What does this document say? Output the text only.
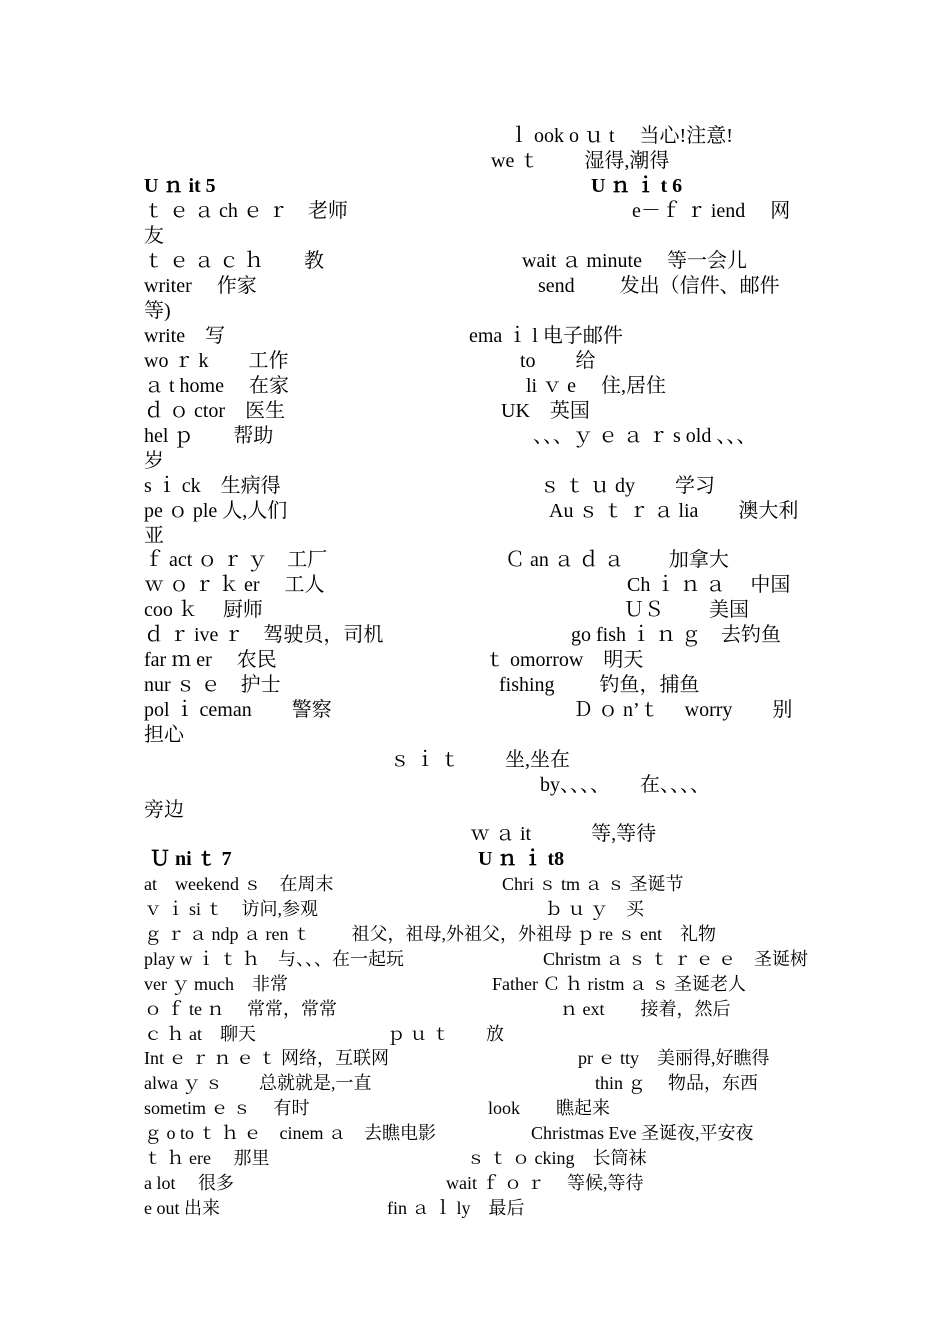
ｌ ook o ｕ t　 当心!注意!
we ｔ　　 湿得,潮得
U ｎ it 5	U ｎ ｉ t 6
ｔ ｅ ａ ch ｅ ｒ　老师	e－ｆ ｒ iend　 网
友
ｔ ｅ ａ ｃ ｈ　　教	wait ａ minute　 等一会儿
writer　 作家	send　　 发出（信件、邮件
等)
write　写	ema ｉ l 电子邮件
wo ｒ k　　工作	to　　给
ａ t home　 在家	li ｖ e　 住,居住
ｄ ｏ ctor　医生	UK　英国
hel ｐ　　帮助	、、、ｙ ｅ ａ ｒ s old 、、、
岁
s ｉ ck　生病得	ｓ ｔ ｕ dy　　学习
pe ｏ ple 人,人们	Au ｓ ｔ ｒ ａ lia　　澳大利
亚
ｆ act ｏ ｒ ｙ　工厂	Ｃ an ａ ｄ ａ　　 加拿大
ｗ ｏ ｒ ｋ er　 工人	Ch ｉ ｎ ａ　 中国
coo ｋ　 厨师	ＵＳ　　 美国
ｄ ｒ ive ｒ　驾驶员，司机	go fish ｉ ｎ ｇ　去钓鱼
far ｍ er　 农民	ｔ omorrow　明天
nur ｓ ｅ　护士	fishing　　 钓鱼，捕鱼
pol ｉ ceman　　警察	Ｄ ｏ n’ｔ　 worry　　别
担心
ｓ ｉ ｔ　　 坐,坐在
by、、、、　　在、、、、
旁边
ｗ ａ it　　　等,等待
Ｕ ni ｔ 7	U ｎ ｉ t8
at　weekend ｓ　在周末	Chri ｓ tm ａ ｓ 圣诞节
ｖ ｉ si ｔ　访问,参观	ｂ ｕ ｙ　买
ｇ ｒ ａ ndp ａ ren ｔ　　 祖父，祖母,外祖父，外祖母 ｐ re ｓ ent　礼物
play w ｉ ｔ ｈ　与、、、在一起玩	Christm ａ ｓ ｔ ｒ ｅ ｅ　圣诞树
ver ｙ much　非常	Father Ｃ ｈ ristm ａ ｓ 圣诞老人
ｏ ｆ te ｎ　 常常，常常	ｎ ext　　接着，然后
ｃ ｈ at　聊天	ｐ ｕ ｔ　　放
Int ｅ ｒ ｎ ｅ ｔ 网络，互联网	pr ｅ tty　美丽得,好瞧得
alwa ｙ ｓ　　总就就是,一直	thin ｇ　 物品，东西
sometim ｅ ｓ　 有时	look　　瞧起来
ｇ o to ｔ ｈ ｅ　cinem ａ　去瞧电影	Christmas Eve 圣诞夜,平安夜
ｔ ｈ ere　 那里	ｓ ｔ ｏ cking　长筒袜
a lot　 很多	wait ｆ ｏ ｒ　 等候,等待
e out 出来	fin ａ ｌ ly　最后
